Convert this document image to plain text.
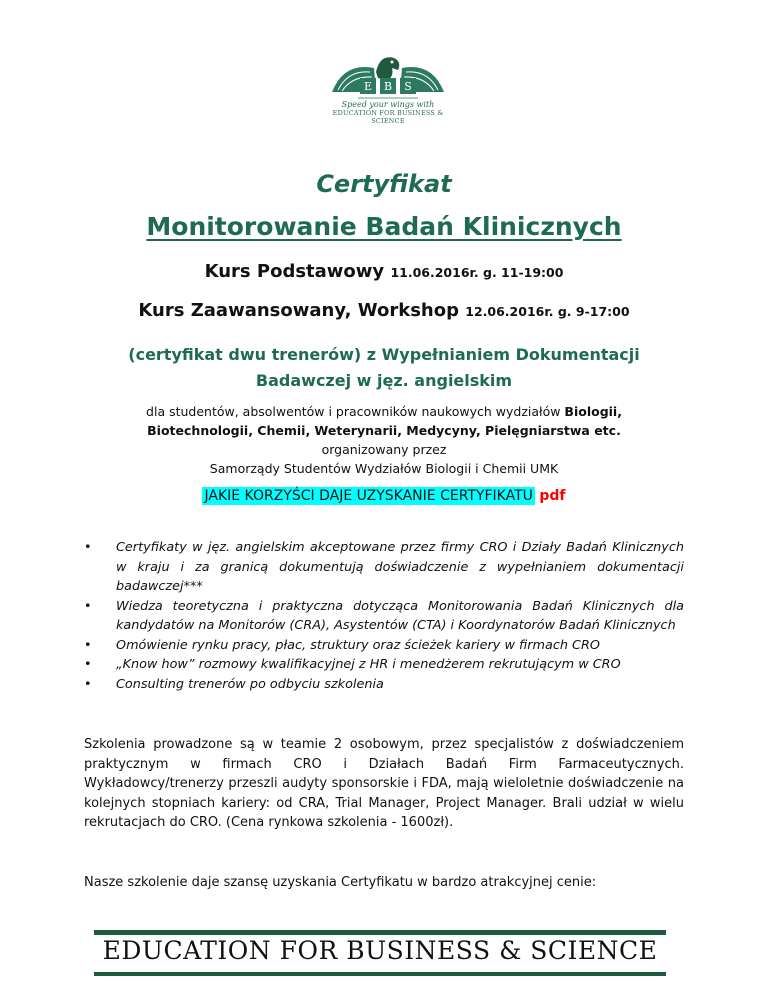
E B S
Speed your wings with
EDUCATION FOR BUSINESS & SCIENCE
Certyfikat
Monitorowanie Badań Klinicznych
Kurs Podstawowy 11.06.2016r. g. 11-19:00
Kurs Zaawansowany, Workshop 12.06.2016r. g. 9-17:00
(certyfikat dwu trenerów) z Wypełnianiem Dokumentacji
Badawczej w jęz. angielskim
dla studentów, absolwentów i pracowników naukowych wydziałów Biologii,
Biotechnologii, Chemii, Weterynarii, Medycyny, Pielęgniarstwa etc.
organizowany przez
Samorządy Studentów Wydziałów Biologii i Chemii UMK
JAKIE KORZYŚCI DAJE UZYSKANIE CERTYFIKATU pdf
• Certyfikaty w jęz. angielskim akceptowane przez firmy CRO i Działy Badań Klinicznych w kraju i za granicą dokumentują doświadczenie z wypełnianiem dokumentacji badawczej***
• Wiedza teoretyczna i praktyczna dotycząca Monitorowania Badań Klinicznych dla kandydatów na Monitorów (CRA), Asystentów (CTA) i Koordynatorów Badań Klinicznych
• Omówienie rynku pracy, płac, struktury oraz ścieżek kariery w firmach CRO
• „Know how” rozmowy kwalifikacyjnej z HR i menedżerem rekrutującym w CRO
• Consulting trenerów po odbyciu szkolenia
Szkolenia prowadzone są w teamie 2 osobowym, przez specjalistów z doświadczeniem praktycznym w firmach CRO i Działach Badań Firm Farmaceutycznych. Wykładowcy/trenerzy przeszli audyty sponsorskie i FDA, mają wieloletnie doświadczenie na kolejnych stopniach kariery: od CRA, Trial Manager, Project Manager. Brali udział w wielu rekrutacjach do CRO. (Cena rynkowa szkolenia - 1600zł).
Nasze szkolenie daje szansę uzyskania Certyfikatu w bardzo atrakcyjnej cenie:
EDUCATION FOR BUSINESS & SCIENCE
